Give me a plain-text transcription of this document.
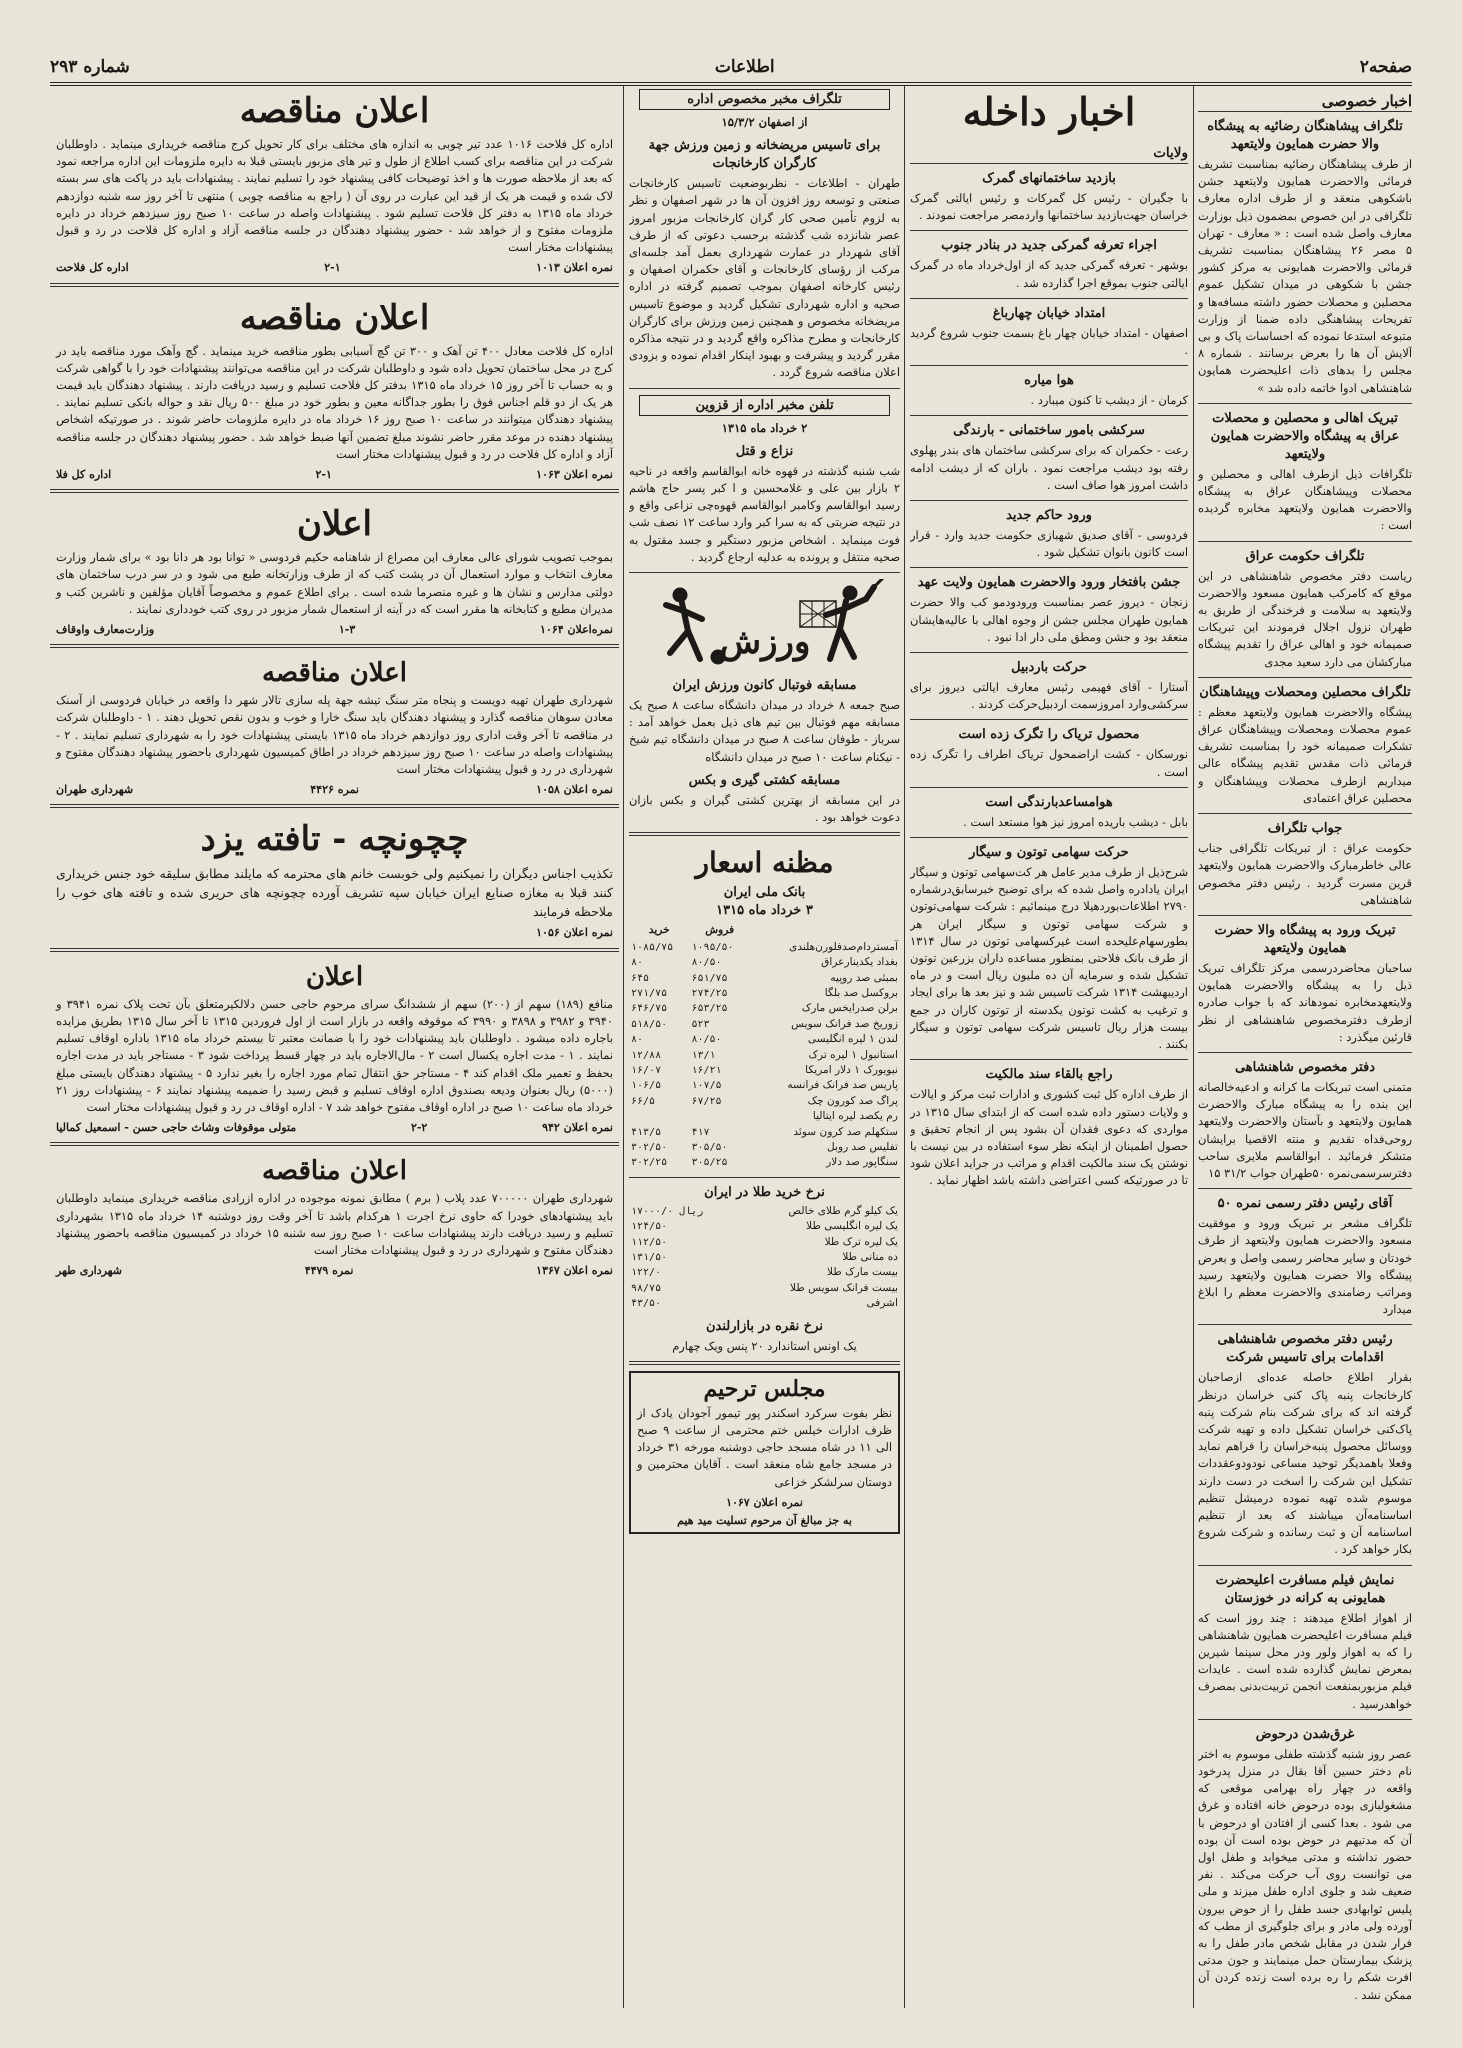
صفحه۲
اطلاعات
شماره ۲۹۳
اخبار خصوصی
تلگراف پیشاهنگان رضائیه به پیشگاه والا حضرت همایون ولایتعهد

از طرف پیشاهنگان رضائیه بمناسبت تشریف فرمائی والاحضرت همایون ولایتعهد جشن باشکوهی منعقد و از طرف اداره معارف تلگرافی در این خصوص بمضمون ذیل بوزارت معارف واصل شده است : « معارف - تهران ۵ مصر ۲۶ پیشاهنگان بمناسبت تشریف فرمائی والاحضرت همایونی به مرکز کشور جشن با شکوهی در میدان تشکیل عموم محصلین و محصلات حضور داشته مسافه‌ها و تفریحات پیشاهنگی داده ضمنا از وزارت متبوعه استدعا نموده که احساسات پاک و بی آلایش آن ها را بعرض برسانند . شماره ۸ مجلس را بدهای ذات اعلیحضرت همایون شاهنشاهی ادوا خاتمه داده شد »

تبریک اهالی و محصلین و محصلات عراق به پیشگاه والاحضرت همایون ولایتعهد

تلگرافات ذیل ازطرف اهالی و محصلین و محصلات وپیشاهنگان عراق به پیشگاه والاحضرت همایون ولایتعهد مخابره گردیده است :

تلگراف حکومت عراق

ریاست دفتر مخصوص شاهنشاهی در این موقع که کامرکب همایون مسعود والاحضرت ولایتعهد به سلامت و فرخندگی از طریق به طهران نزول اجلال فرمودند این تبریکات صمیمانه خود و اهالی عراق را تقدیم پیشگاه مبارکشان می دارد سعید مجدی

تلگراف محصلین ومحصلات وپیشاهنگان

پیشگاه والاحضرت همایون ولایتعهد معظم : عموم محصلات ومحصلات وپیشاهنگان عراق تشکرات صمیمانه خود را بمناسبت تشریف فرمائی ذات مقدس تقدیم پیشگاه عالی میداریم ازطرف محصلات وپیشاهنگان و محصلین عراق اعتمادی

جواب تلگراف

حکومت عراق : از تبریکات تلگرافی جناب عالی خاطرمبارک والاحضرت همایون ولایتعهد قرین مسرت گردید . رئیس دفتر مخصوص شاهنشاهی

تبریک ورود به پیشگاه والا حضرت همایون ولایتعهد

ساحبان محاضردرسمی مرکز تلگراف تبریک ذیل را به پیشگاه والاحضرت همایون ولایتعهدمخابره نمودهاند که با جواب صادره ازطرف دفترمخصوص شاهنشاهی از نظر قارئین میگذرد :

دفتر مخصوص شاهنشاهی

متمنی است تبریکات ما کرانه و ادعیه‌خالصانه این بنده را به پیشگاه مبارک والاحضرت همایون ولایتعهد و بآستان والاحضرت ولایتعهد روحی‌فداه تقدیم و منته الاقصیا برایشان متشکر فرمائید . ابوالقاسم ملایری ساحب دفترسرسمی‌نمره ۵۰طهران جواب ۳۱/۲ ۱۵

آقای رئیس دفتر رسمی نمره ۵۰

تلگراف مشعر بر تبریک ورود و موفقیت مسعود والاحضرت همایون ولایتعهد از طرف خودتان و سایر محاضر رسمی واصل و بعرض پیشگاه والا حضرت همایون ولایتعهد رسید ومراتب رضامندی والاحضرت معظم را ابلاغ میدارد

رئیس دفتر مخصوص شاهنشاهی اقدامات برای تاسیس شرکت

بقرار اطلاع حاصله عده‌ای ازصاحبان کارخانجات پنبه پاک کنی خراسان درنظر گرفته اند که برای شرکت بنام شرکت پنبه پاک‌کنی خراسان تشکیل داده و تهیه شرکت ووسائل محصول پنبه‌خراسان را فراهم نماید وفعلا باهمدیگر توحید مساعی نودودوعقددات تشکیل این شرکت را اسخت در دست دارند موسوم شده تهیه نموده درمیشل تنظیم اساسنامه‌آن میباشند که بعد از تنظیم اساسنامه آن و ثبت رسانده و شرکت شروع بکار خواهد کرد .

نمایش فیلم مسافرت اعلیحضرت همایونی به کرانه در خوزستان

از اهواز اطلاع میدهند : چند روز است که فیلم مسافرت اعلیحضرت همایون شاهنشاهی را که به اهواز ولور ودر محل سینما شیرین بمعرض نمایش گذارده شده است . عایدات فیلم مزبوربمنفعت انجمن تربیت‌بدنی بمصرف خواهدرسید .

غرق‌شدن درحوض

عصر روز شنبه گذشته طفلی موسوم به اختر نام دختر حسین آقا بقال در منزل پدرخود واقعه در چهار راه بهرامی موقعی که مشغولبازی بوده درحوض خانه افتاده و غرق می شود . بعدا کسی از افتادن او درحوض با آن که مدتیهم در حوض بوده است آن بوده حضور نداشته و مدتی میخوابد و طفل اول می توانست روی آب حرکت می‌کند . نفر ضعیف شد و جلوی اداره طفل میزند و ملی پلیس ثوابهادی جسد طفل را از حوض بیرون آورده ولی مادر و برای جلوگیری از مطب که فرار شدن در مقابل شخص مادر طفل را به پزشک بیمارستان حمل مینمایند و جون مدتی افرت شکم را ره برده است زنده کردن آن ممکن نشد .

اخبار داخله
ولایات
بازدید ساختمانهای گمرک

با جگیران - رئیس کل گمرکات و رئیس ایالتی گمرک خراسان جهت‌بازدید ساختمانها واردمصر مراجعت نمودند .

اجراء تعرفه گمرکی جدید در بنادر جنوب

بوشهر - تعرفه گمرکی جدید که از اول‌خرداد ماه در گمرک ایالتی جنوب بموقع اجرا گذارده شد .

امتداد خیابان چهارباغ

اصفهان - امتداد خیابان چهار باغ بسمت جنوب شروع گردید .

هوا میاره

کرمان - از دیشب تا کنون میبارد .

سرکشی بامور ساختمانی - بارندگی

رعت - حکمران که برای سرکشی ساختمان های بندر پهلوی رفته بود دیشب مراجعت نمود . باران که از دیشب ادامه داشت امروز هوا صاف است .

ورود حاکم جدید

فردوسی - آقای صدیق شهبازی حکومت جدید وارد - قرار است کانون بانوان تشکیل شود .

جشن بافتخار ورود والاحضرت همایون ولایت عهد

زنجان - دیروز عصر بمناسبت ورودودمو کب والا حضرت همایون طهران مجلس جشن از وجوه اهالی با عالیه‌هایشان منعقد بود و جشن ومطق ملی دار ادا نبود .

حرکت باردبیل

آستارا - آقای فهیمی رئیس معارف ایالتی دیروز برای سرکشی‌وارد امروزسمت اردبیل‌حرکت کردند .

محصول تریاک را تگرک زده است

نورسکان - کشت اراضمحول تریاک اطراف را تگرک زده است .

هوامساعدبارندگی است

بابل - دیشب باریده امروز نیز هوا مستعد است .

حرکت سهامی توتون و سیگار

شرح‌ذیل از طرف مدیر عامل هر کت‌سهامی توتون و سیگار ایران یادادره واصل شده که برای توضیح خبرسابق‌درشماره ۲۷۹۰ اطلاعات‌بوردهیلا درج مینمائیم : شرکت سهامی‌توتون و شرکت سهامی توتون و سیگار ایران هر بطورسهام‌علیحده است غیر‌کسهامی توتون در سال ۱۳۱۴ از طرف بانک فلاحتی بمنظور مساعده داران بزرعین توتون تشکیل شده و سرمایه آن ده ملیون ریال است و در ماه اردیبهشت ۱۳۱۴ شرکت تاسیس شد و نیز بعد ها برای ایجاد و ترغیب به کشت توتون یکدسته از توتون کاران در جمع بیست هزار ریال تاسیس شرکت سهامی توتون و سیگار بکنند .

راجع بالقاء سند مالکیت

از طرف اداره کل ثبت کشوری و ادارات ثبت مرکز و ایالات و ولایات دستور داده شده است که از ابتدای سال ۱۳۱۵ در مواردی که دعوی فقدان آن بشود پس از انجام تحقیق و حصول اطمینان از اینکه نظر سوء استفاده در بین نیست با نوشتن یک سند مالکیت اقدام و مراتب در جراید اعلان شود تا در صورتیکه کسی اعتراضی داشته باشد اظهار نماید .

تلگراف مخبر مخصوص اداره
از اصفهان ۱۵/۳/۲
برای تاسیس مریضخانه و زمین ورزش جهة کارگران کارخانجات

طهران - اطلاعات - نظربوضعیت تاسیس کارخانجات صنعتی و توسعه روز افزون آن ها در شهر اصفهان و نظر به لزوم تأمین صحی کار گران کارخانجات مزبور امروز عصر شانزده شب گذشته برحسب دعوتی که از طرف آقای شهردار در عمارت شهرداری بعمل آمد جلسه‌ای مرکب از رؤسای کارخانجات و آقای حکمران اصفهان و رئیس کارخانه اصفهان بموجب تصمیم گرفته در اداره صحیه و اداره شهرداری تشکیل گردید و موضوع تاسیس مریضخانه مخصوص و همچنین زمین ورزش برای کارگران کارخانجات و مطرح مذاکره واقع گردید و در نتیجه مذاکره مقرر گردید و پیشرفت و بهبود اینکار اقدام نموده و بزودی اعلان مناقصه شروع گردد .

تلفن مخبر اداره از قزوین
۲ خرداد ماه ۱۳۱۵
نزاع و قتل

شب شنبه گذشته در قهوه خانه ابوالقاسم واقعه در ناحیه ۲ بازار بین علی و غلامحسین و ا کبر پسر حاج هاشم رسید ابوالقاسم وکامبر ابوالقاسم قهوه‌چی نزاعی واقع و در نتیجه ضربتی که به سرا کبر وارد ساعت ۱۲ نصف شب فوت مینماید . اشخاص مزبور دستگیر و جسد مقتول به صحیه منتقل و پرونده به عدلیه ارجاع گردید .

ورزش
مسابقه فوتبال کانون ورزش ایران

صبح جمعه ۸ خرداد در میدان دانشگاه ساعت ۸ صبح یک مسابقه مهم فوتبال بین تیم های ذیل بعمل خواهد آمد : سرباز - طوفان ساعت ۸ صبح در میدان دانشگاه تیم شیخ - نیکنام ساعت ۱۰ صبح در میدان دانشگاه

مسابقه کشتی گیری و بکس

در این مسابقه از بهترین کشتی گیران و بکس بازان دعوت خواهد بود .

مظنه اسعار
بانک ملی ایران
۳ خرداد ماه ۱۳۱۵
	فروش	خرید
آمستردام‌صدفلورن‌هلندی	۱۰۹۵/۵۰	۱۰۸۵/۷۵
بغداد یکدینارعراق	۸۰/۵۰	۸۰
بمبئی صد روپیه	۶۵۱/۷۵	۶۴۵
بروکسل صد بلگا	۲۷۴/۲۵	۲۷۱/۷۵
برلن صدرایخس مارک	۶۵۳/۲۵	۶۴۶/۷۵
زوریخ صد فرانک سویس	۵۲۳	۵۱۸/۵۰
لندن ۱ لیره انگلیسی	۸۰/۵۰	۸۰
استانبول ۱ لیره ترک	۱۳/۱	۱۲/۸۸
نیویورک ۱ دلار امریکا	۱۶/۲۱	۱۶/۰۷
پاریس صد فرانک فرانسه	۱۰۷/۵	۱۰۶/۵
پراگ صد کورون چک	۶۷/۲۵	۶۶/۵
رم یکصد لیره ایتالیا		
ستکهلم صد کرون سوئد	۴۱۷	۴۱۳/۵
تفلیس صد روبل	۳۰۵/۵۰	۳۰۲/۵۰
سنگاپور صد دلار	۳۰۵/۲۵	۳۰۲/۲۵
نرخ خرید طلا در ایران
یک کیلو گرم طلای خالص	۱۷۰۰۰/۰ ریال
یک لیره انگلیسی طلا	۱۲۴/۵۰
یک لیره ترک طلا	۱۱۲/۵۰
ده منانی طلا	۱۳۱/۵۰
بیست مارک طلا	۱۲۲/۰
بیست فرانک سویس طلا	۹۸/۷۵
اشرفی	۴۳/۵۰
نرخ نقره در بازارلندن

یک اونس استاندارد ۲۰ پنس ویک چهارم

مجلس ترحیم

نظر بفوت سرکرد اسکندر پور تیمور آجودان یادک از ظرف ادارات خیلس ختم محترمی از ساعت ۹ صبح الی ۱۱ در شاه مسجد حاجی دوشنبه مورخه ۳۱ خرداد در مسجد جامع شاه منعقد است . آقایان محترمین و دوستان سرلشکر خزاعی

نمره اعلان ۱۰۶۷
به جز مبالغ آن مرحوم تسلیت مید هیم
اعلان مناقصه

اداره کل فلاحت ۱۰۱۶ عدد تیر چوبی به اندازه های مختلف برای کار تحویل کرج مناقصه خریداری مینماید . داوطلبان شرکت در این مناقصه برای کسب اطلاع از طول و تیر های مزبور بایستی قبلا به دایره ملزومات این اداره مراجعه نمود که بعد از ملاحظه صورت ها و اخذ توضیحات کافی پیشنهاد خود را تسلیم نمایند . پیشنهادات باید در پاکت های سر بسته لاک شده و قیمت هر یک از قید این عبارت در روی آن ( راجع به مناقصه چوبی ) منتهی تا آخر روز سه شنبه دوازدهم خرداد ماه ۱۳۱۵ به دفتر کل فلاحت تسلیم شود . پیشنهادات واصله در ساعت ۱۰ صبح روز سیزدهم خرداد در دایره ملزومات مفتوح و از خواهد شد - حضور پیشنهاد دهندگان در جلسه مناقصه آزاد و اداره کل فلاحت در رد و قبول پیشنهادات مختار است

نمره اعلان ۱۰۱۳
۲-۱
اداره کل فلاحت
اعلان مناقصه

اداره کل فلاحت معادل ۴۰۰ تن آهک و ۳۰۰ تن گچ آسیابی بطور مناقصه خرید مینماید . گچ وآهک مورد مناقصه باید در کرج در محل ساختمان تحویل داده شود و داوطلبان شرکت در این مناقصه می‌توانند پیشنهادات خود را با گواهی شرکت و به حساب تا آخر روز ۱۵ خرداد ماه ۱۳۱۵ بدفتر کل فلاحت تسلیم و رسید دریافت دارند . پیشنهاد دهندگان باید قیمت هر یک از دو قلم اجناس فوق را بطور جداگانه معین و بطور خود در مبلغ ۵۰۰ ریال نقد و حواله بانکی تسلیم نمایند . پیشنهاد دهندگان میتوانند در ساعت ۱۰ صبح روز ۱۶ خرداد ماه در دایره ملزومات حاضر شوند . در صورتیکه اشخاص پیشنهاد دهنده در موعد مقرر حاضر نشوند مبلغ تضمین آنها ضبط خواهد شد . حضور پیشنهاد دهندگان در جلسه مناقصه آزاد و اداره کل فلاحت در رد و قبول پیشنهادات مختار است

نمره اعلان ۱۰۶۳
۲-۱
اداره کل فلا
اعلان

بموجب تصویب شورای عالی معارف این مصراع از شاهنامه حکیم فردوسی « توانا بود هر دانا بود » برای شمار وزارت معارف انتخاب و موارد استعمال آن در پشت کتب که از طرف وزارتخانه طبع می شود و در سر درب ساختمان های دولتی مدارس و نشان ها و غیره منصرما شده است . برای اطلاع عموم و مخصوصاً آقایان مؤلفین و ناشرین کتب و مدیران مطبع و کتابخانه ها مقرر است که در آینه از استعمال شمار مزبور در روی کتب خودداری نمایند .

نمره‌اعلان ۱۰۶۴
۱-۳
وزارت‌معارف واوقاف
اعلان مناقصه

شهرداری طهران تهیه دویست و پنجاه متر سنگ تیشه جهة پله سازی تالار شهر دا واقعه در خیابان فردوسی از آسنک معادن سوهان مناقصه گذارد و پیشنهاد دهندگان باید سنگ خارا و خوب و بدون نقص تحویل دهند . ۱ - داوطلبان شرکت در مناقصه تا آخر وقت اداری روز دوازدهم خرداد ماه ۱۳۱۵ بایستی پیشنهادات خود را به شهرداری تسلیم نمایند . ۲ - پیشنهادات واصله در ساعت ۱۰ صبح روز سیزدهم خرداد در اطاق کمیسیون شهرداری باحضور پیشنهاد دهندگان مفتوح و شهرداری در رد و قبول پیشنهادات مختار است

نمره اعلان ۱۰۵۸
نمره ۴۴۲۶
شهرداری طهران
چچونچه - تافته یزد

تکذیب اجناس دیگران را نمیکنیم ولی خوبست خانم های محترمه که مایلند مطابق سلیقه خود جنس خریداری کنند قبلا به مغازه صنایع ایران خیابان سپه تشریف آورده چچونچه های حریری شده و تافته های خوب را ملاحظه فرمایند

نمره اعلان ۱۰۵۶
اعلان

منافع (۱۸۹) سهم از (۲۰۰) سهم از ششدانگ سرای مرحوم حاجی حسن دلالکیرمتعلق بآن تحت پلاک نمره ۳۹۴۱ و ۳۹۴۰ و ۳۹۸۲ و ۳۸۹۸ و ۳۹۹۰ که موقوفه واقعه در بازار است از اول فروردین ۱۳۱۵ تا آخر سال ۱۳۱۵ بطریق مزایده باجاره داده میشود . داوطلبان باید پیشنهادات خود را با ضمانت معتبر تا بیستم خرداد ماه ۱۳۱۵ باداره اوقاف تسلیم نمایند . ۱ - مدت اجاره یکسال است ۲ - مال‌الاجاره باید در چهار قسط پرداخت شود ۳ - مستاجر باید در مدت اجاره بحفظ و تعمیر ملک اقدام کند ۴ - مستاجر حق انتقال تمام مورد اجاره را بغیر ندارد ۵ - پیشنهاد دهندگان بایستی مبلغ (۵۰۰۰) ریال بعنوان ودیعه بصندوق اداره اوقاف تسلیم و قبض رسید را ضمیمه پیشنهاد نمایند ۶ - پیشنهادات روز ۲۱ خرداد ماه ساعت ۱۰ صبح در اداره اوقاف مفتوح خواهد شد ۷ - اداره اوقاف در رد و قبول پیشنهادات مختار است

نمره اعلان ۹۴۲
۲-۲
متولی موقوفات وشاث حاجی حسن - اسمعیل کمالیا
اعلان مناقصه

شهرداری طهران ۷۰۰۰۰۰ عدد پلاب ( برم ) مطابق نمونه موجوده در اداره ازرادی مناقصه خریداری مینماید داوطلبان باید پیشنهادهای خودرا که حاوی نرخ اجرت ۱ هرکدام باشد تا آخر وقت روز دوشنبه ۱۴ خرداد ماه ۱۳۱۵ بشهرداری تسلیم و رسید دریافت دارند پیشنهادات ساعت ۱۰ صبح روز سه شنبه ۱۵ خرداد در کمیسیون مناقصه باحضور پیشنهاد دهندگان مفتوح و شهرداری در رد و قبول پیشنهادات مختار است

نمره اعلان ۱۳۶۷
نمره ۴۴۷۹
شهرداری طهر
